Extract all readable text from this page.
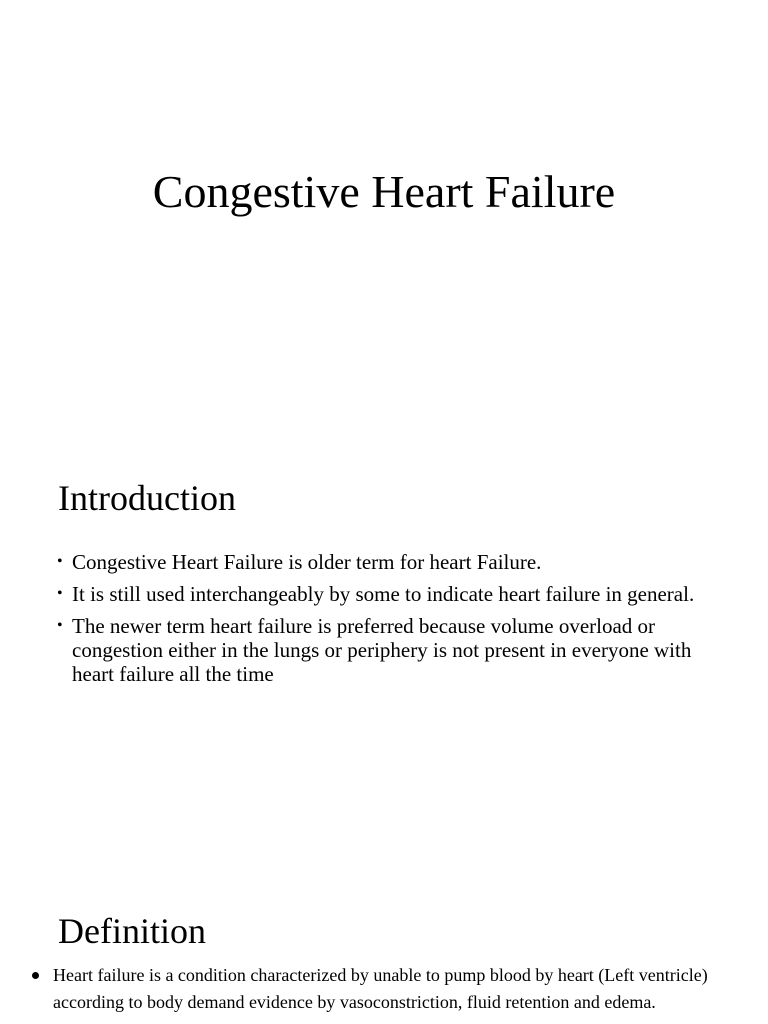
Congestive Heart Failure
Introduction
• Congestive Heart Failure is older term for heart Failure.
• It is still used interchangeably by some to indicate heart failure in general.
• The newer term heart failure is preferred because volume overload or congestion either in the lungs or periphery is not present in everyone with heart failure all the time
Definition
Heart failure is a condition characterized by unable to pump blood by heart (Left ventricle) according to body demand evidence by vasoconstriction, fluid retention and edema.
